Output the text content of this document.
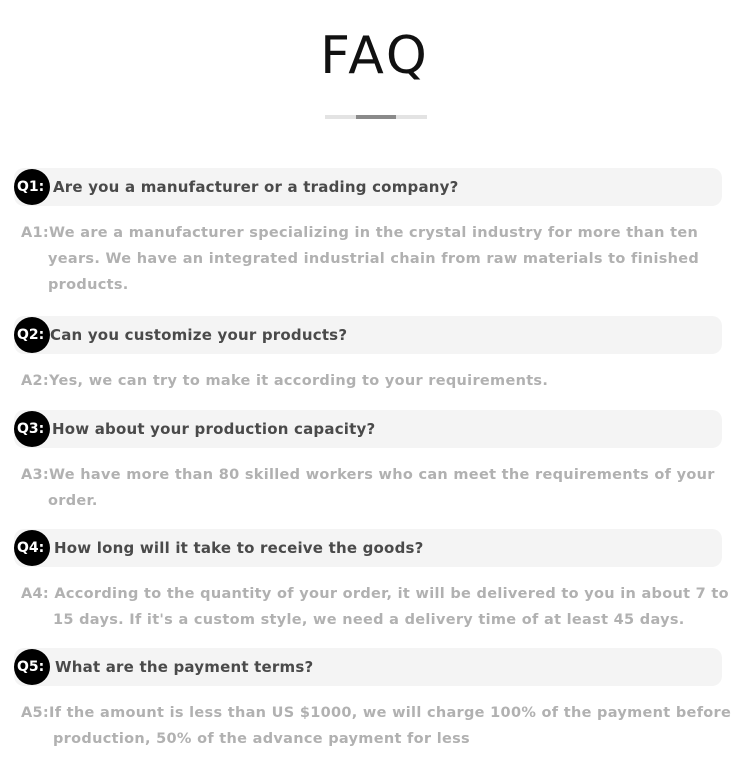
FAQ
Q1: Are you a manufacturer or a trading company?
A1:We are a manufacturer specializing in the crystal industry for more than ten
years. We have an integrated industrial chain from raw materials to finished
products.
Q2: Can you customize your products?
A2:Yes, we can try to make it according to your requirements.
Q3: How about your production capacity?
A3:We have more than 80 skilled workers who can meet the requirements of your
order.
Q4: How long will it take to receive the goods?
A4: According to the quantity of your order, it will be delivered to you in about 7 to
15 days. If it's a custom style, we need a delivery time of at least 45 days.
Q5: What are the payment terms?
A5:If the amount is less than US $1000, we will charge 100% of the payment before
production, 50% of the advance payment for less
